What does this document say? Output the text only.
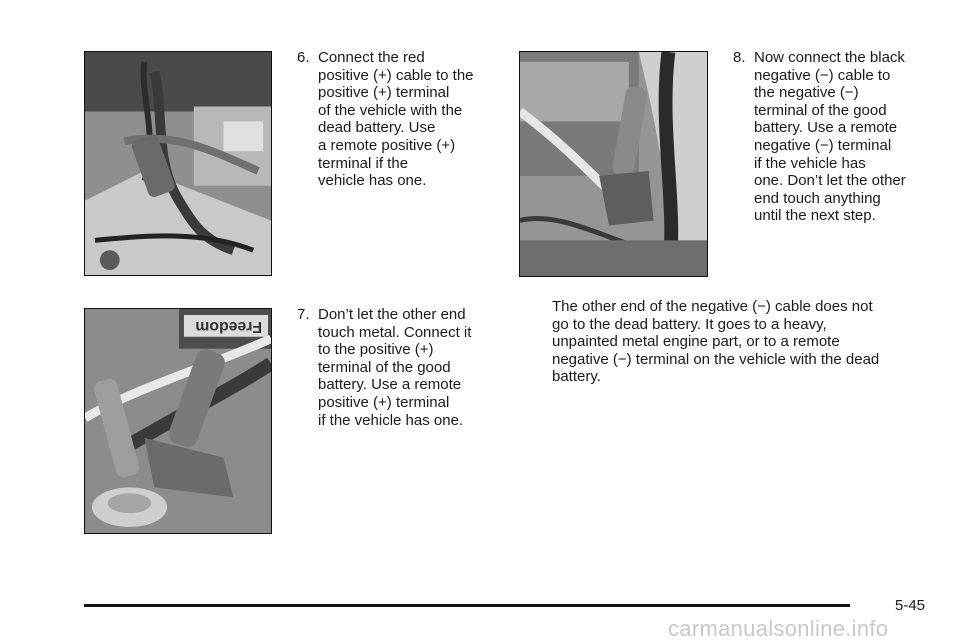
Freedom
6. Connect the red
positive (+) cable to the
positive (+) terminal
of the vehicle with the
dead battery. Use
a remote positive (+)
terminal if the
vehicle has one.
7. Don’t let the other end
touch metal. Connect it
to the positive (+)
terminal of the good
battery. Use a remote
positive (+) terminal
if the vehicle has one.
8. Now connect the black
negative (−) cable to
the negative (−)
terminal of the good
battery. Use a remote
negative (−) terminal
if the vehicle has
one. Don’t let the other
end touch anything
until the next step.
The other end of the negative (−) cable does not
go to the dead battery. It goes to a heavy,
unpainted metal engine part, or to a remote
negative (−) terminal on the vehicle with the dead
battery.
5-45
carmanualsonline.info
